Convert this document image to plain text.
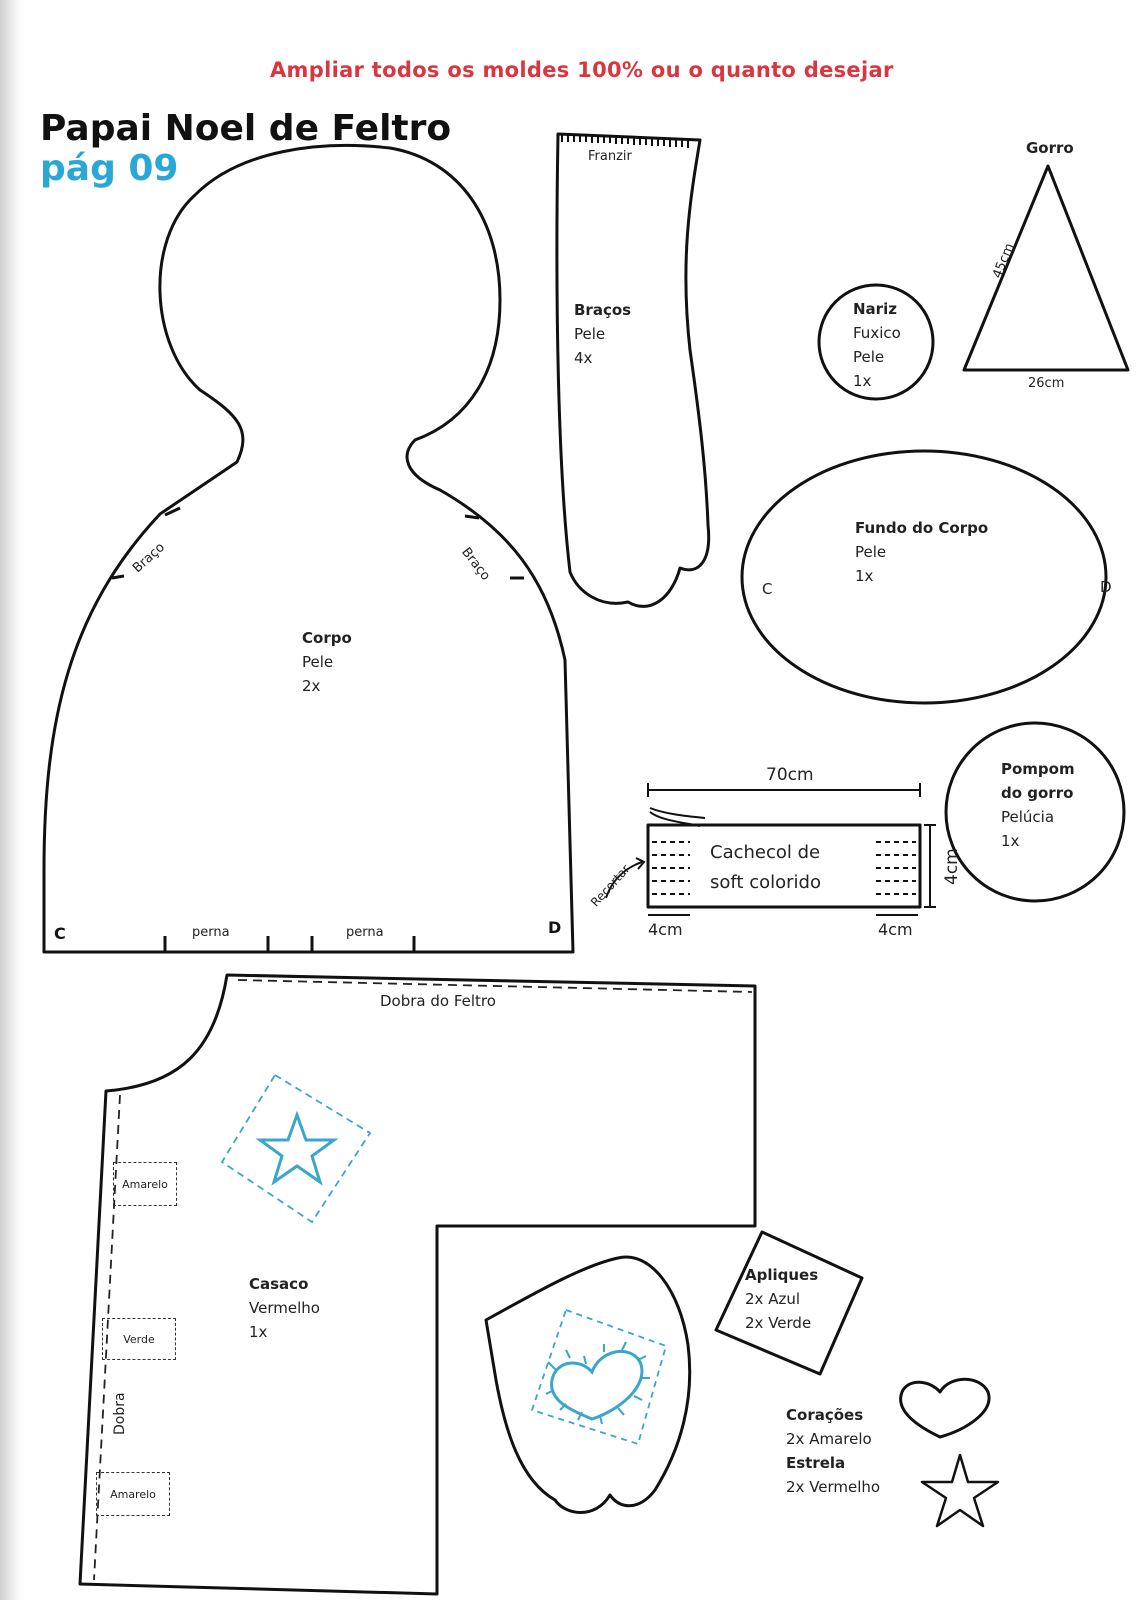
Ampliar todos os moldes 100% ou o quanto desejar
Papai Noel de Feltro
pág 09
Corpo
Pele
2x
C	D
Braço	Braço
perna	perna
Franzir
Braços
Pele
4x
Nariz
Fuxico
Pele
1x
Gorro
45cm
26cm
Fundo do Corpo
Pele
1x
C	D
Pompom
do gorro
Pelúcia
1x
70cm
Cachecol de
soft colorido	4cm
4cm	4cm
Recortar
Dobra do Feltro
Casaco
Vermelho
1x
Dobra
Amarelo
Verde
Amarelo
Apliques
2x Azul
2x Verde
Corações
2x Amarelo
Estrela
2x Vermelho
